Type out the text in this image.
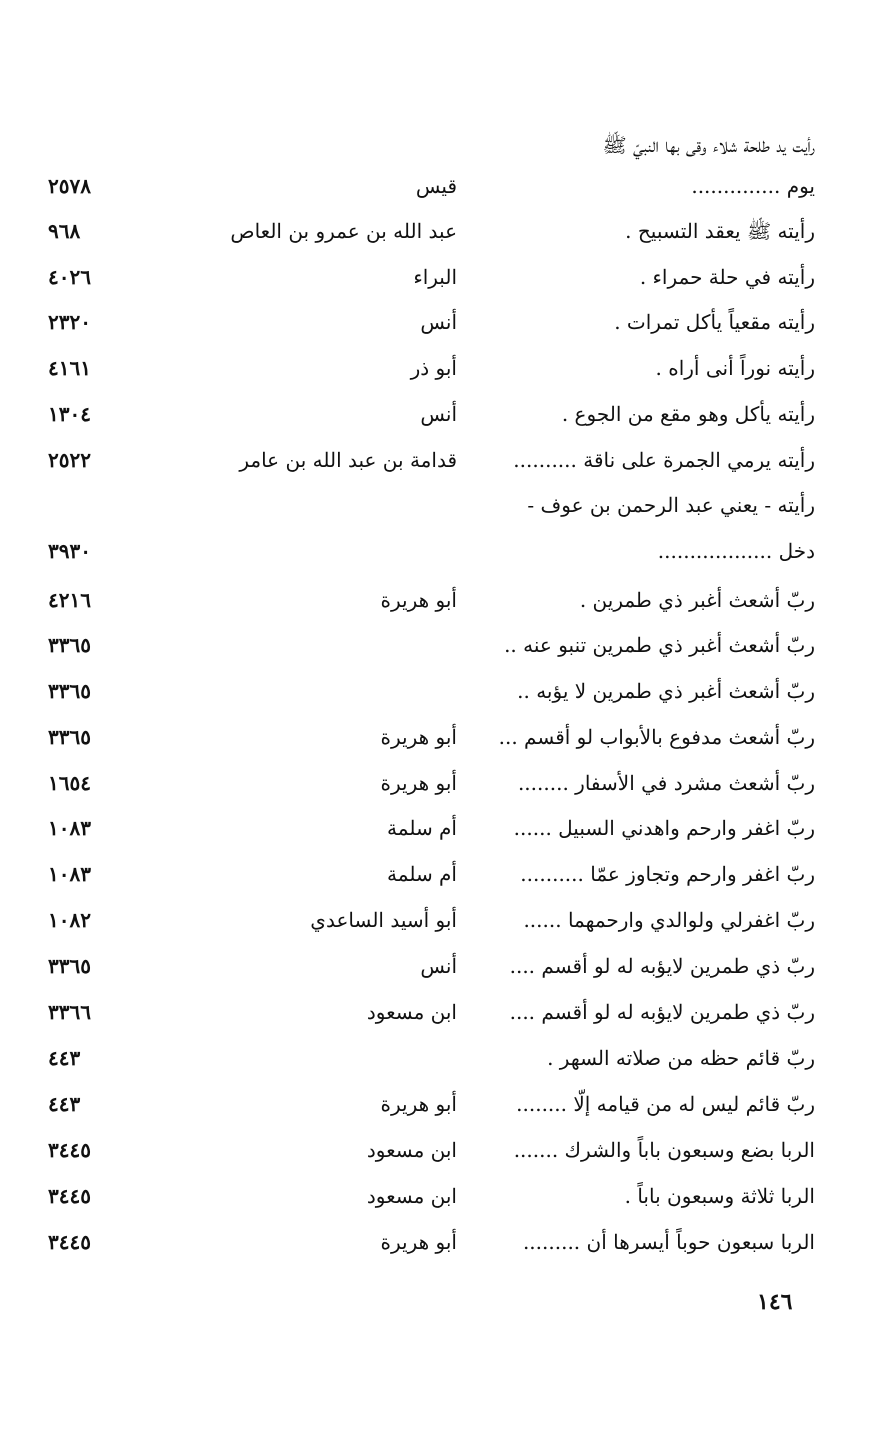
رأيت يد طلحة شلاء وقى بها النبيّ ﷺ
يوم ..............
قيس
٢٥٧٨
رأيته ﷺ يعقد التسبيح .
عبد الله بن عمرو بن العاص
٩٦٨
رأيته في حلة حمراء .
البراء
٤٠٢٦
رأيته مقعياً يأكل تمرات .
أنس
٢٣٢٠
رأيته نوراً أنى أراه .
أبو ذر
٤١٦١
رأيته يأكل وهو مقع من الجوع .
أنس
١٣٠٤
رأيته يرمي الجمرة على ناقة ..........
قدامة بن عبد الله بن عامر
٢٥٢٢
رأيته - يعني عبد الرحمن بن عوف -
دخل ..................
٣٩٣٠
ربّ أشعث أغبر ذي طمرين .
أبو هريرة
٤٢١٦
ربّ أشعث أغبر ذي طمرين تنبو عنه ..
٣٣٦٥
ربّ أشعث أغبر ذي طمرين لا يؤبه ..
٣٣٦٥
ربّ أشعث مدفوع بالأبواب لو أقسم ...
أبو هريرة
٣٣٦٥
ربّ أشعث مشرد في الأسفار ........
أبو هريرة
١٦٥٤
ربّ اغفر وارحم واهدني السبيل ......
أم سلمة
١٠٨٣
ربّ اغفر وارحم وتجاوز عمّا ..........
أم سلمة
١٠٨٣
ربّ اغفرلي ولوالدي وارحمهما ......
أبو أسيد الساعدي
١٠٨٢
ربّ ذي طمرين لايؤبه له لو أقسم ....
أنس
٣٣٦٥
ربّ ذي طمرين لايؤبه له لو أقسم ....
ابن مسعود
٣٣٦٦
ربّ قائم حظه من صلاته السهر .
٤٤٣
ربّ قائم ليس له من قيامه إلّا ........
أبو هريرة
٤٤٣
الربا بضع وسبعون باباً والشرك .......
ابن مسعود
٣٤٤٥
الربا ثلاثة وسبعون باباً .
ابن مسعود
٣٤٤٥
الربا سبعون حوباً أيسرها أن .........
أبو هريرة
٣٤٤٥
١٤٦
